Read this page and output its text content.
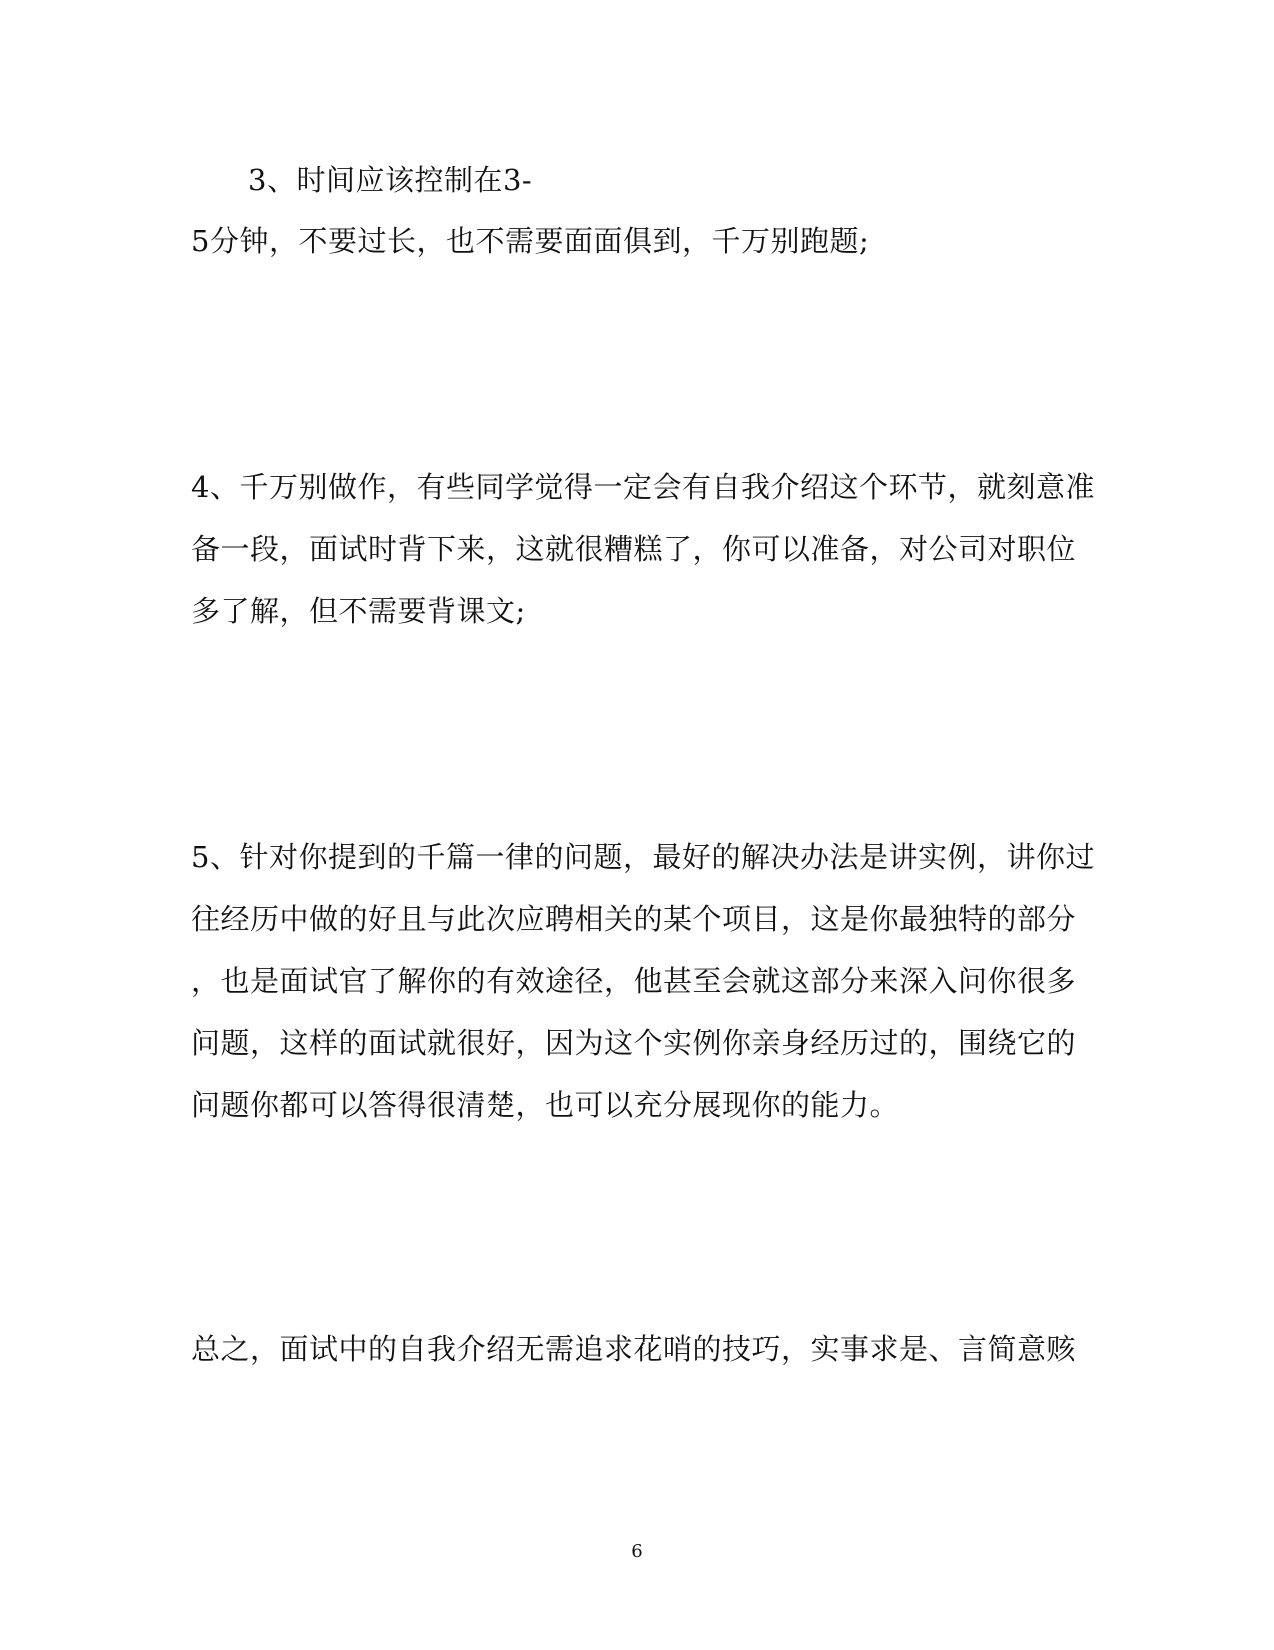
3、时间应该控制在3-
5分钟，不要过长，也不需要面面俱到，千万别跑题;
4、千万别做作，有些同学觉得一定会有自我介绍这个环节，就刻意准
备一段，面试时背下来，这就很糟糕了，你可以准备，对公司对职位
多了解，但不需要背课文;
5、针对你提到的千篇一律的问题，最好的解决办法是讲实例，讲你过
往经历中做的好且与此次应聘相关的某个项目，这是你最独特的部分
，也是面试官了解你的有效途径，他甚至会就这部分来深入问你很多
问题，这样的面试就很好，因为这个实例你亲身经历过的，围绕它的
问题你都可以答得很清楚，也可以充分展现你的能力。
总之，面试中的自我介绍无需追求花哨的技巧，实事求是、言简意赅
6
